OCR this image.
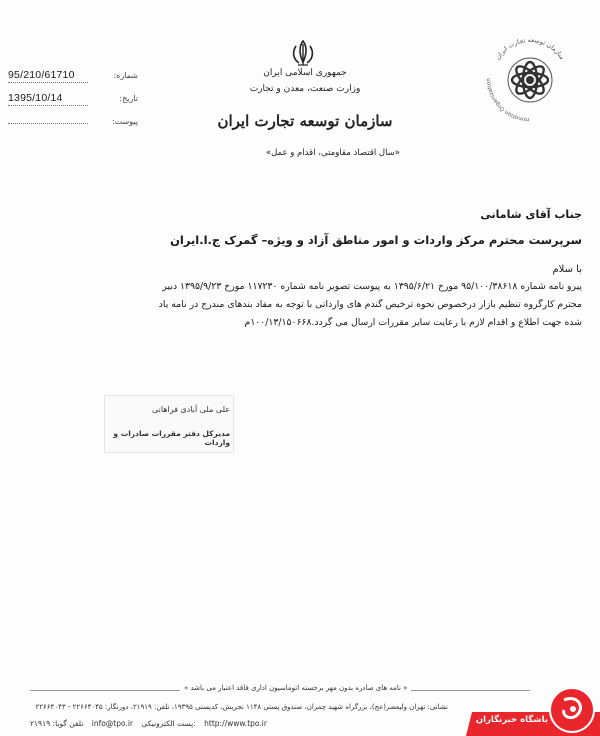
95/210/61710	شماره:
1395/10/14	تاریخ:
پیوست:
جمهوری اسلامی ایران
وزارت صنعت، معدن و تجارت
سازمان توسعه تجارت ایران
«سال اقتصاد مقاومتی، اقدام و عمل»
سازمان توسعه تجارت ایران
romotion Organization
جناب آقای شامانی
سرپرست محترم مرکز واردات و امور مناطق آزاد و ویژه– گمرک ج.ا.ایران
با سلام
پیرو نامه شماره ۹۵/۱۰۰/۳۸۶۱۸ مورخ ۱۳۹۵/۶/۲۱ به پیوست تصویر نامه شماره ۱۱۷۲۳۰ مورخ ۱۳۹۵/۹/۲۳ دبیر
محترم کارگروه تنظیم بازار درخصوص نحوه ترخیص گندم های وارداتی با توجه به مفاد بندهای مندرج در نامه یاد
شده جهت اطلاع و اقدام لازم با رعایت سایر مقررات ارسال می گردد.۱۰۰/۱۳/۱۵۰۶۶۸م
علی ملی آبادی فراهانی
مدیرکل دفتر مقررات صادرات و واردات
« نامه های صادره بدون مهر برجسته اتوماسیون اداری فاقد اعتبار می باشد »
نشانی: تهران ولیعصر(عج)، بزرگراه شهید چمران، صندوق پستی ۱۱۴۸ تجریش، کدپستی ۱۹۳۹۵، تلفن: ۲۱۹۱۹، دورنگار: ۲۲۶۶۴۰۴۵ - ۲۲۶۶۴۰۴۳
تلفن گویا: ۲۱۹۱۹ info@tpo.ir پست الکترونیکی: http://www.tpo.ir	باشگاه خبرنگاران
